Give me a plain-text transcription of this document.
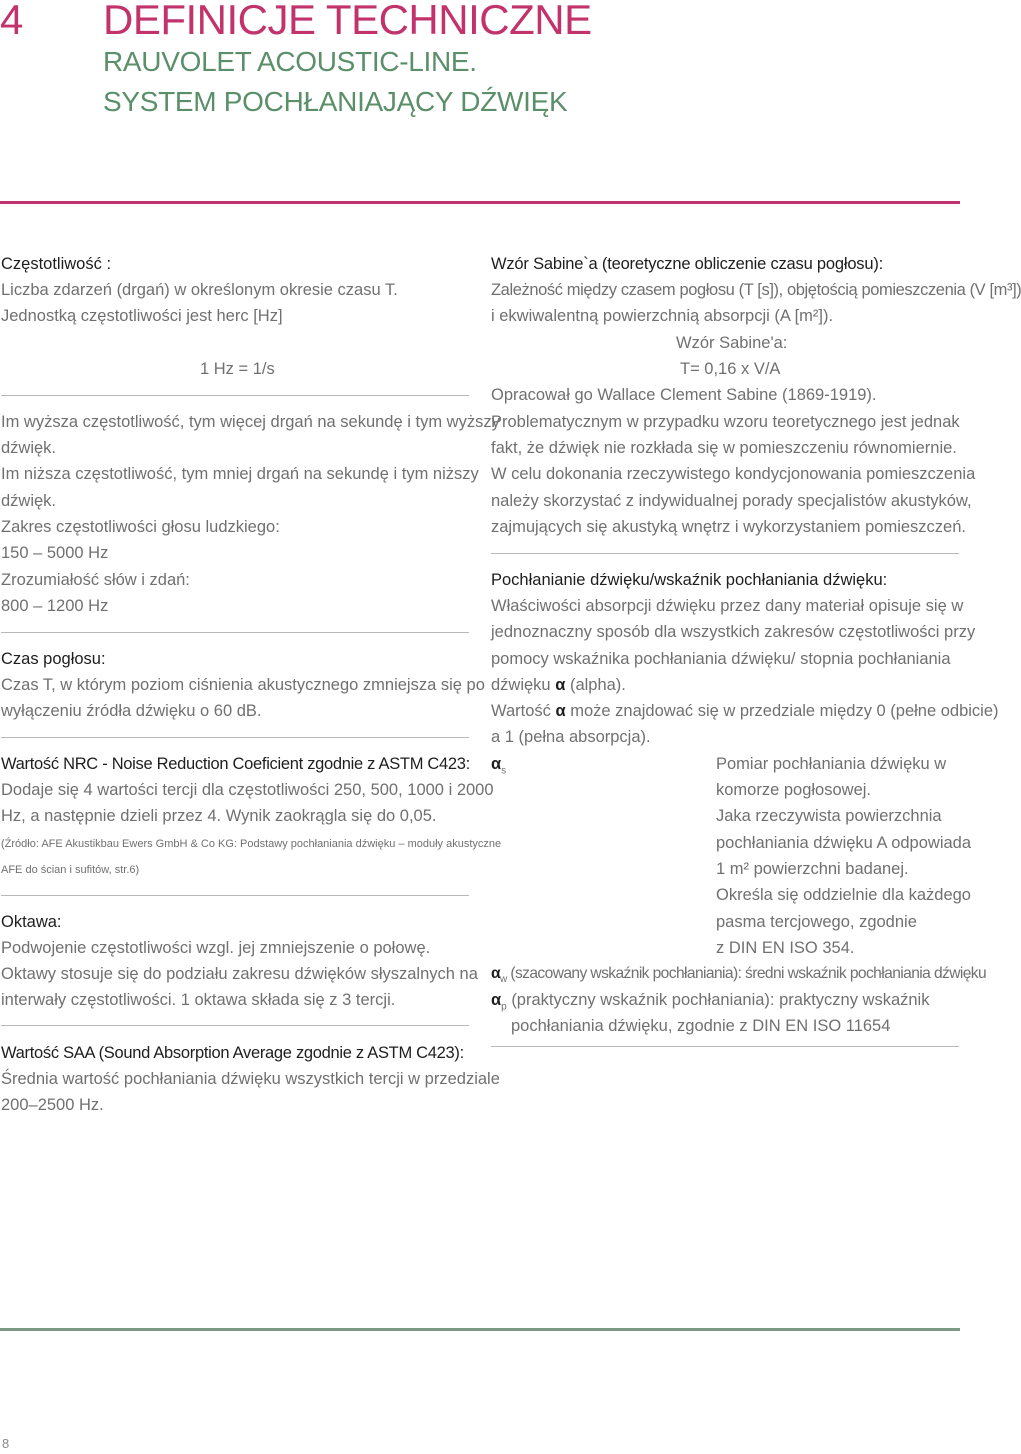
4 DEFINICJE TECHNICZNE
RAUVOLET ACOUSTIC-LINE.
SYSTEM POCHŁANIAJĄCY DŹWIĘK
Częstotliwość :
Liczba zdarzeń (drgań) w określonym okresie czasu T.
Jednostką częstotliwości jest herc [Hz]
1 Hz = 1/s
Im wyższa częstotliwość, tym więcej drgań na sekundę i tym wyższy
dźwięk.
Im niższa częstotliwość, tym mniej drgań na sekundę i tym niższy
dźwięk.
Zakres częstotliwości głosu ludzkiego:
150 – 5000 Hz
Zrozumiałość słów i zdań:
800 – 1200 Hz
Czas pogłosu:
Czas T, w którym poziom ciśnienia akustycznego zmniejsza się po
wyłączeniu źródła dźwięku o 60 dB.
Wartość NRC - Noise Reduction Coeficient zgodnie z ASTM C423:
Dodaje się 4 wartości tercji dla częstotliwości 250, 500, 1000 i 2000
Hz, a następnie dzieli przez 4. Wynik zaokrągla się do 0,05.
(Źródło: AFE Akustikbau Ewers GmbH & Co KG: Podstawy pochłaniania dźwięku – moduły akustyczne
AFE do ścian i sufitów, str.6)
Oktawa:
Podwojenie częstotliwości wzgl. jej zmniejszenie o połowę.
Oktawy stosuje się do podziału zakresu dźwięków słyszalnych na
interwały częstotliwości. 1 oktawa składa się z 3 tercji.
Wartość SAA (Sound Absorption Average zgodnie z ASTM C423):
Średnia wartość pochłaniania dźwięku wszystkich tercji w przedziale
200–2500 Hz.
Wzór Sabine`a (teoretyczne obliczenie czasu pogłosu):
Zależność między czasem pogłosu (T [s]), objętością pomieszczenia (V [m³])
i ekwiwalentną powierzchnią absorpcji (A [m²]).
Wzór Sabine'a:
T= 0,16 x V/A
Opracował go Wallace Clement Sabine (1869-1919).
Problematycznym w przypadku wzoru teoretycznego jest jednak
fakt, że dźwięk nie rozkłada się w pomieszczeniu równomiernie.
W celu dokonania rzeczywistego kondycjonowania pomieszczenia
należy skorzystać z indywidualnej porady specjalistów akustyków,
zajmujących się akustyką wnętrz i wykorzystaniem pomieszczeń.
Pochłanianie dźwięku/wskaźnik pochłaniania dźwięku:
Właściwości absorpcji dźwięku przez dany materiał opisuje się w
jednoznaczny sposób dla wszystkich zakresów częstotliwości przy
pomocy wskaźnika pochłaniania dźwięku/ stopnia pochłaniania
dźwięku α (alpha).
Wartość α może znajdować się w przedziale między 0 (pełne odbicie)
a 1 (pełna absorpcja).
$\alpha_s$	Pomiar pochłaniania dźwięku w
komorze pogłosowej.
Jaka rzeczywista powierzchnia
pochłaniania dźwięku A odpowiada
1 m² powierzchni badanej.
Określa się oddzielnie dla każdego
pasma tercjowego, zgodnie
z DIN EN ISO 354.
$\alpha_w$ (szacowany wskaźnik pochłaniania): średni wskaźnik pochłaniania dźwięku
$\alpha_p$ (praktyczny wskaźnik pochłaniania): praktyczny wskaźnik
pochłaniania dźwięku, zgodnie z DIN EN ISO 11654
8
